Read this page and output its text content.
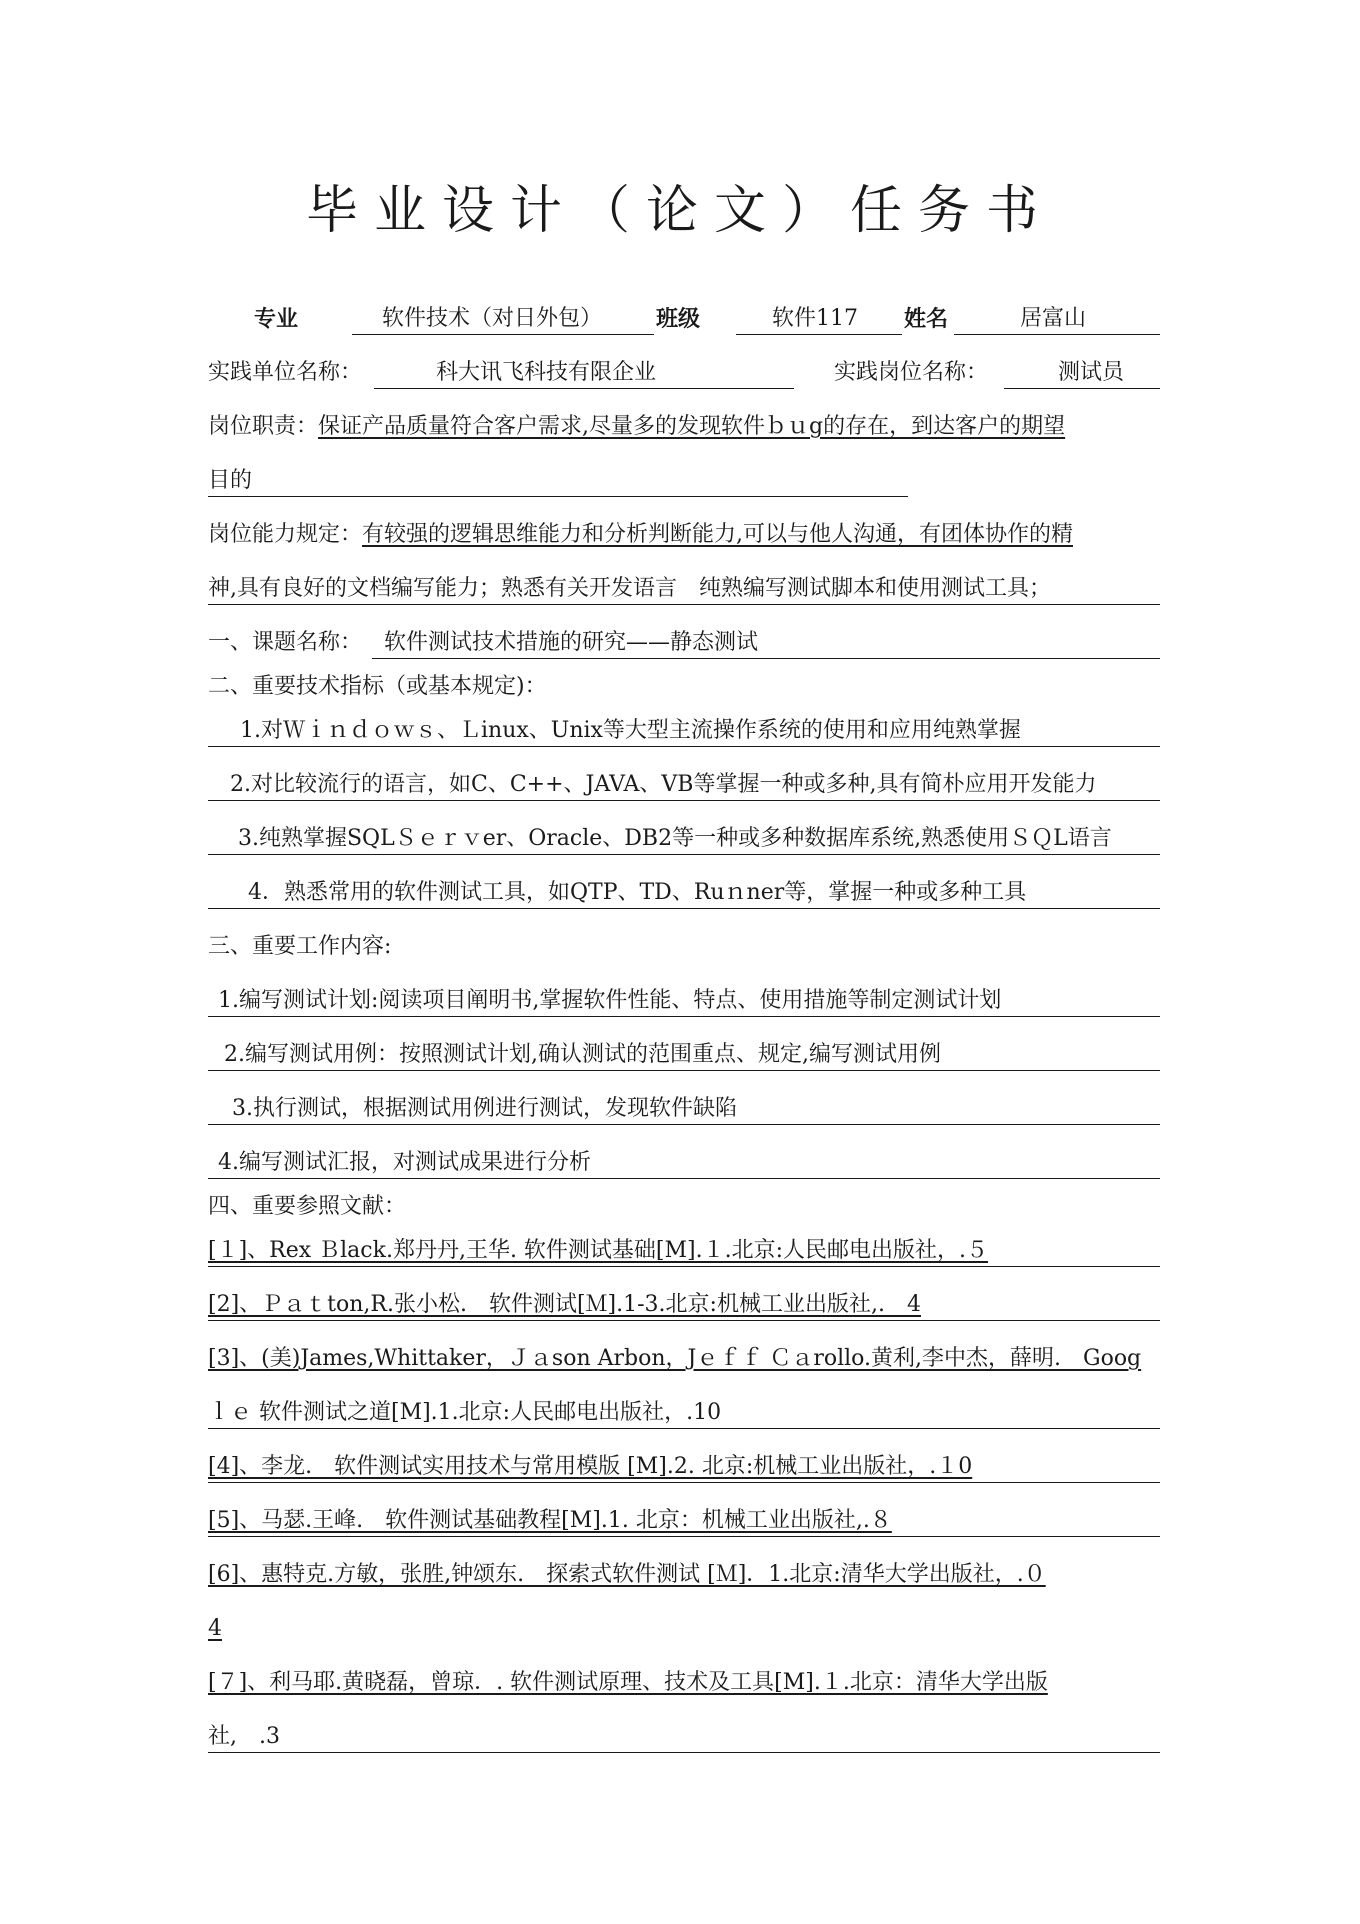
毕业设计（论文）任务书
专业	软件技术（对日外包） 班级	软件117 姓名	居富山
实践单位名称：	科大讯飞科技有限企业	实践岗位名称：	测试员
岗位职责：保证产品质量符合客户需求,尽量多的发现软件ｂｕg的存在，到达客户的期望
目的
岗位能力规定：有较强的逻辑思维能力和分析判断能力,可以与他人沟通，有团体协作的精
神,具有良好的文档编写能力；熟悉有关开发语言　纯熟编写测试脚本和使用测试工具；
一、课题名称： 软件测试技术措施的研究——静态测试
二、重要技术指标（或基本规定)：
1.对Ｗｉｎｄｏｗｓ、Ｌinux、Unix等大型主流操作系统的使用和应用纯熟掌握
2.对比较流行的语言，如C、C++、JAVA、VB等掌握一种或多种,具有简朴应用开发能力
3.纯熟掌握SQLＳｅｒｖer、Oracle、DB2等一种或多种数据库系统,熟悉使用ＳＱL语言
4．熟悉常用的软件测试工具，如QTP、TD、Ruｎner等，掌握一种或多种工具
三、重要工作内容:
1.编写测试计划:阅读项目阐明书,掌握软件性能、特点、使用措施等制定测试计划
2.编写测试用例：按照测试计划,确认测试的范围重点、规定,编写测试用例
3.执行测试，根据测试用例进行测试，发现软件缺陷
4.编写测试汇报，对测试成果进行分析
四、重要参照文献：
[１]、Rex Ｂlack.郑丹丹,王华. 软件测试基础[M].１.北京:人民邮电出版社，.５
[2]、Ｐａｔton,R.张小松.　软件测试[Ｍ].1-3.北京:机械工业出版社,.　4
[3]、(美)James,Whittaker，Ｊａson Arbon，Jｅｆｆ Ｃａrollo.黄利,李中杰，薛明.　Goog
ｌｅ 软件测试之道[M].1.北京:人民邮电出版社，.10
[4]、李龙.　软件测试实用技术与常用模版 [M].2. 北京:机械工业出版社，.１0
[5]、马瑟.王峰.　软件测试基础教程[M].1. 北京：机械工业出版社,.８
[6]、惠特克.方敏，张胜,钟颂东.　探索式软件测试 [Ｍ]．1.北京:清华大学出版社，.０
4
[７]、利马耶.黄晓磊，曾琼．. 软件测试原理、技术及工具[M].１.北京：清华大学出版
社,　.3
